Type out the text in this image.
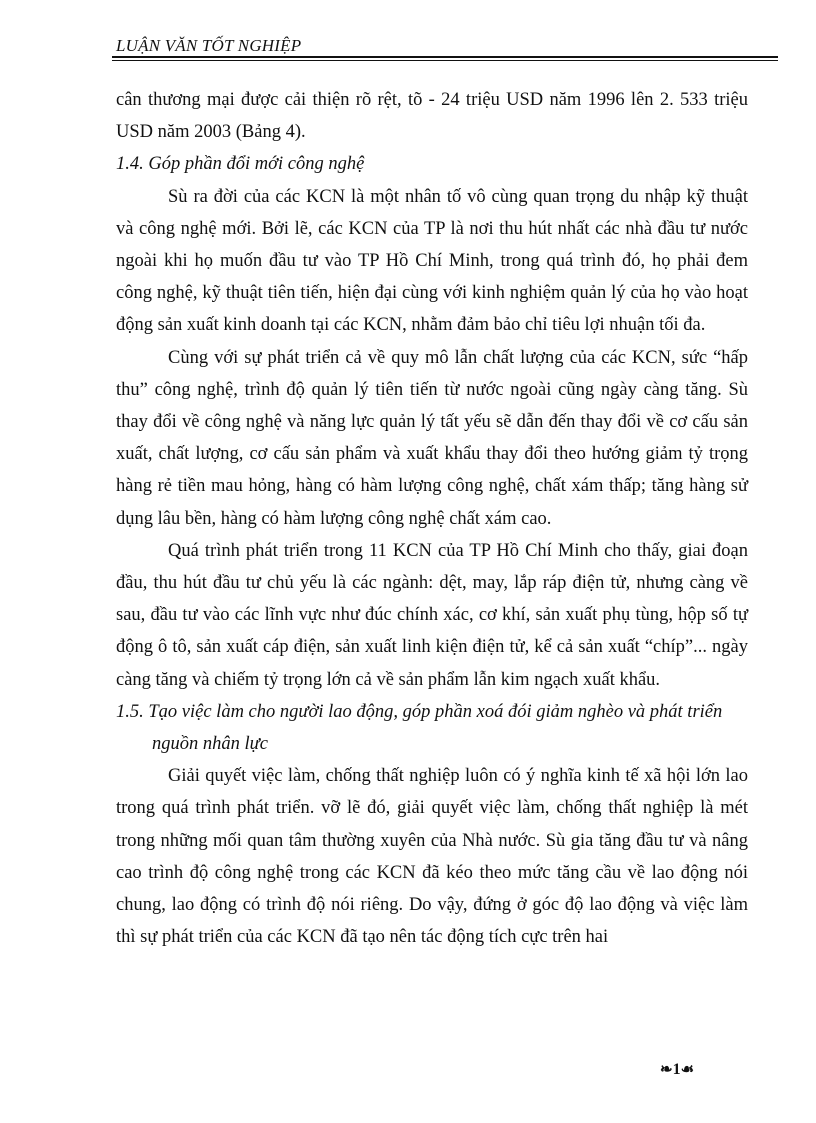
LUẬN VĂN TỐT NGHIỆP

cân thương mại được cải thiện rõ rệt, tõ - 24 triệu USD năm 1996 lên 2. 533 triệu USD năm 2003 (Bảng 4).

1.4. Góp phần đổi mới công nghệ

Sù ra đời của các KCN là một nhân tố vô cùng quan trọng du nhập kỹ thuật và công nghệ mới. Bởi lẽ, các KCN của TP là nơi thu hút nhất các nhà đầu tư nước ngoài khi họ muốn đầu tư vào TP Hồ Chí Minh, trong quá trình đó, họ phải đem công nghệ, kỹ thuật tiên tiến, hiện đại cùng với kinh nghiệm quản lý của họ vào hoạt động sản xuất kinh doanh tại các KCN, nhằm đảm bảo chỉ tiêu lợi nhuận tối đa.

Cùng với sự phát triển cả về quy mô lẫn chất lượng của các KCN, sức “hấp thu” công nghệ, trình độ quản lý tiên tiến từ nước ngoài cũng ngày càng tăng. Sù thay đổi về công nghệ và năng lực quản lý tất yếu sẽ dẫn đến thay đổi về cơ cấu sản xuất, chất lượng, cơ cấu sản phẩm và xuất khẩu thay đổi theo hướng giảm tỷ trọng hàng rẻ tiền mau hỏng, hàng có hàm lượng công nghệ, chất xám thấp; tăng hàng sử dụng lâu bền, hàng có hàm lượng công nghệ chất xám cao.

Quá trình phát triển trong 11 KCN của TP Hồ Chí Minh cho thấy, giai đoạn đầu, thu hút đầu tư chủ yếu là các ngành: dệt, may, lắp ráp điện tử, nhưng càng về sau, đầu tư vào các lĩnh vực như đúc chính xác, cơ khí, sản xuất phụ tùng, hộp số tự động ô tô, sản xuất cáp điện, sản xuất linh kiện điện tử, kể cả sản xuất “chíp”... ngày càng tăng và chiếm tỷ trọng lớn cả về sản phẩm lẫn kim ngạch xuất khẩu.

1.5. Tạo việc làm cho người lao động, góp phần xoá đói giảm nghèo và phát triển nguồn nhân lực

Giải quyết việc làm, chống thất nghiệp luôn có ý nghĩa kinh tế xã hội lớn lao trong quá trình phát triển. vỡ lẽ đó, giải quyết việc làm, chống thất nghiệp là mét trong những mối quan tâm thường xuyên của Nhà nước. Sù gia tăng đầu tư và nâng cao trình độ công nghệ trong các KCN đã kéo theo mức tăng cầu về lao động nói chung, lao động có trình độ nói riêng. Do vậy, đứng ở góc độ lao động và việc làm thì sự phát triển của các KCN đã tạo nên tác động tích cực trên hai

❧1☙
